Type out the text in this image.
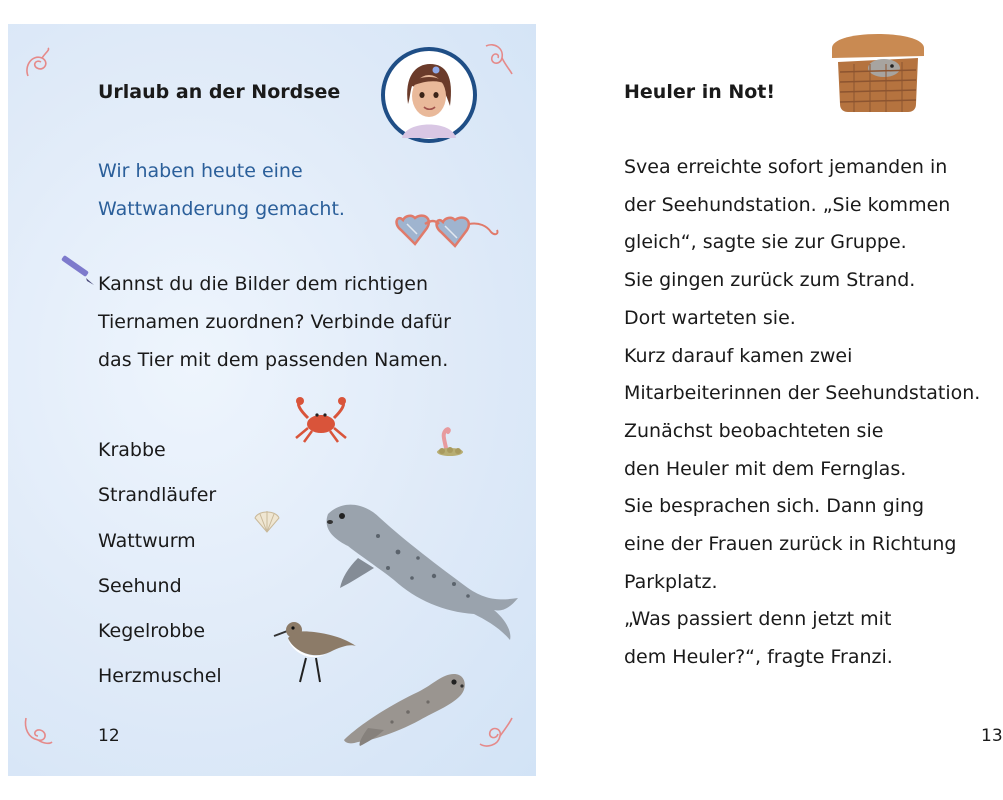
Urlaub an der Nordsee
Wir haben heute eine
Wattwanderung gemacht.
Kannst du die Bilder dem richtigen
Tiernamen zuordnen? Verbinde dafür
das Tier mit dem passenden Namen.
Krabbe
Strandläufer
Wattwurm
Seehund
Kegelrobbe
Herzmuschel
12
Heuler in Not!
Svea erreichte sofort jemanden in
der Seehundstation. „Sie kommen
gleich“, sagte sie zur Gruppe.
Sie gingen zurück zum Strand.
Dort warteten sie.
Kurz darauf kamen zwei
Mitarbeiterinnen der Seehundstation.
Zunächst beobachteten sie
den Heuler mit dem Fernglas.
Sie besprachen sich. Dann ging
eine der Frauen zurück in Richtung
Parkplatz.
„Was passiert denn jetzt mit
dem Heuler?“, fragte Franzi.
13
